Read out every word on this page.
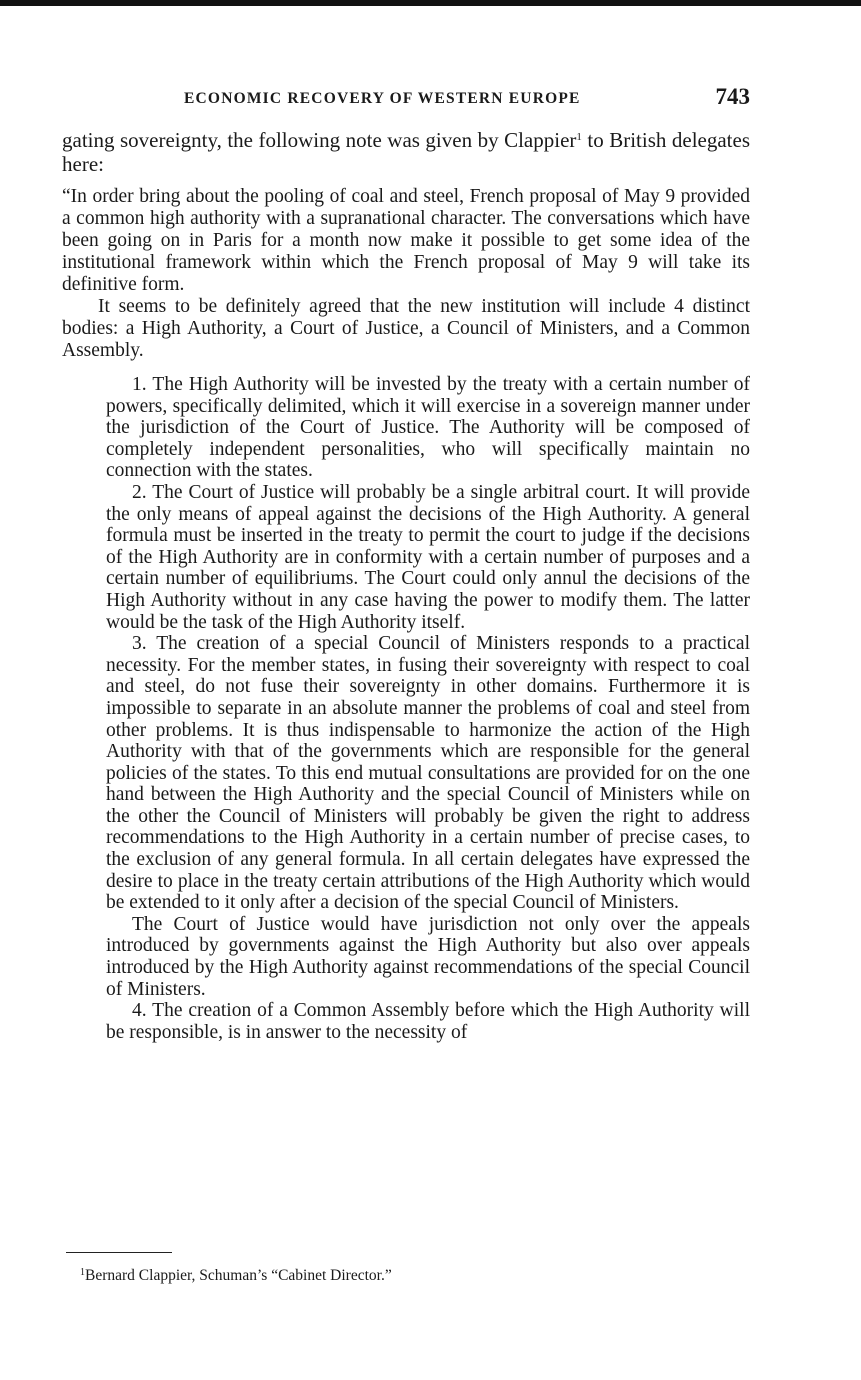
ECONOMIC RECOVERY OF WESTERN EUROPE	743

gating sovereignty, the following note was given by Clappier$^1$ to British delegates here:

“In order bring about the pooling of coal and steel, French proposal of May 9 provided a common high authority with a supranational character. The conversations which have been going on in Paris for a month now make it possible to get some idea of the institutional framework within which the French proposal of May 9 will take its definitive form.

It seems to be definitely agreed that the new institution will include 4 distinct bodies: a High Authority, a Court of Justice, a Council of Ministers, and a Common Assembly.

1. The High Authority will be invested by the treaty with a certain number of powers, specifically delimited, which it will exercise in a sovereign manner under the jurisdiction of the Court of Justice. The Authority will be composed of completely independent personalities, who will specifically maintain no connection with the states.

2. The Court of Justice will probably be a single arbitral court. It will provide the only means of appeal against the decisions of the High Authority. A general formula must be inserted in the treaty to permit the court to judge if the decisions of the High Authority are in conformity with a certain number of purposes and a certain number of equilibriums. The Court could only annul the decisions of the High Authority without in any case having the power to modify them. The latter would be the task of the High Authority itself.

3. The creation of a special Council of Ministers responds to a practical necessity. For the member states, in fusing their sovereignty with respect to coal and steel, do not fuse their sovereignty in other domains. Furthermore it is impossible to separate in an absolute manner the problems of coal and steel from other problems. It is thus indispensable to harmonize the action of the High Authority with that of the governments which are responsible for the general policies of the states. To this end mutual consultations are provided for on the one hand between the High Authority and the special Council of Ministers while on the other the Council of Ministers will probably be given the right to address recommendations to the High Authority in a certain number of precise cases, to the exclusion of any general formula. In all certain delegates have expressed the desire to place in the treaty certain attributions of the High Authority which would be extended to it only after a decision of the special Council of Ministers.

The Court of Justice would have jurisdiction not only over the appeals introduced by governments against the High Authority but also over appeals introduced by the High Authority against recommendations of the special Council of Ministers.

4. The creation of a Common Assembly before which the High Authority will be responsible, is in answer to the necessity of

$^1$Bernard Clappier, Schuman’s “Cabinet Director.”
